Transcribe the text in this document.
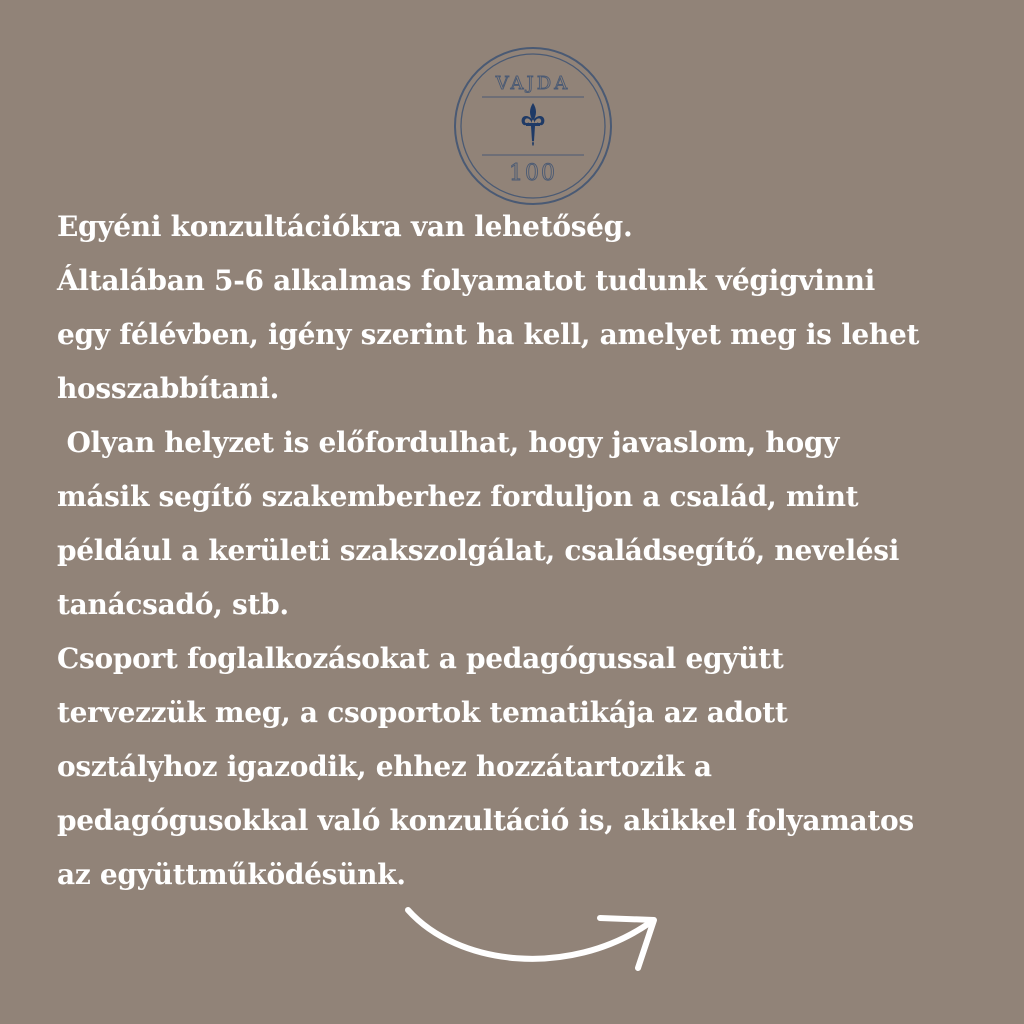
VAJDA
100

Egyéni konzultációkra van lehetőség.
Általában 5-6 alkalmas folyamatot tudunk végigvinni
egy félévben, igény szerint ha kell, amelyet meg is lehet
hosszabbítani.
Olyan helyzet is előfordulhat, hogy javaslom, hogy
másik segítő szakemberhez forduljon a család, mint
például a kerületi szakszolgálat, családsegítő, nevelési
tanácsadó, stb.
Csoport foglalkozásokat a pedagógussal együtt
tervezzük meg, a csoportok tematikája az adott
osztályhoz igazodik, ehhez hozzátartozik a
pedagógusokkal való konzultáció is, akikkel folyamatos
az együttműködésünk.
